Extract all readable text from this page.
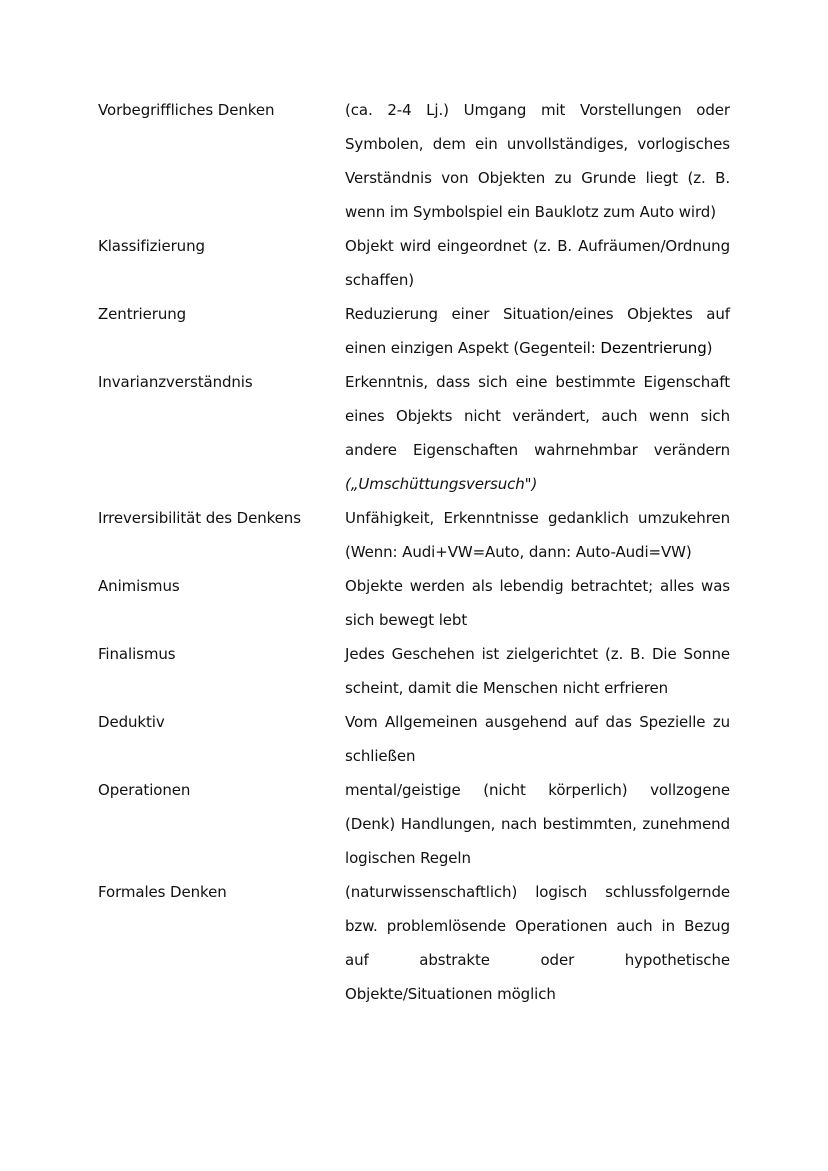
Vorbegriffliches Denken	(ca. 2-4 Lj.) Umgang mit Vorstellungen oder Symbolen, dem ein unvollständiges, vorlogisches Verständnis von Objekten zu Grunde liegt (z. B. wenn im Symbolspiel ein Bauklotz zum Auto wird)
Klassifizierung	Objekt wird eingeordnet (z. B. Aufräumen/Ordnung schaffen)
Zentrierung	Reduzierung einer Situation/eines Objektes auf einen einzigen Aspekt (Gegenteil: Dezentrierung)
Invarianzverständnis	Erkenntnis, dass sich eine bestimmte Eigenschaft eines Objekts nicht verändert, auch wenn sich andere Eigenschaften wahrnehmbar verändern („Umschüttungsversuch")
Irreversibilität des Denkens	Unfähigkeit, Erkenntnisse gedanklich umzukehren (Wenn: Audi+VW=Auto, dann: Auto-Audi=VW)
Animismus	Objekte werden als lebendig betrachtet; alles was sich bewegt lebt
Finalismus	Jedes Geschehen ist zielgerichtet (z. B. Die Sonne scheint, damit die Menschen nicht erfrieren
Deduktiv	Vom Allgemeinen ausgehend auf das Spezielle zu schließen
Operationen	mental/geistige (nicht körperlich) vollzogene (Denk) Handlungen, nach bestimmten, zunehmend logischen Regeln
Formales Denken	(naturwissenschaftlich) logisch schlussfolgernde bzw. problemlösende Operationen auch in Bezug auf abstrakte oder hypothetische Objekte/Situationen möglich
